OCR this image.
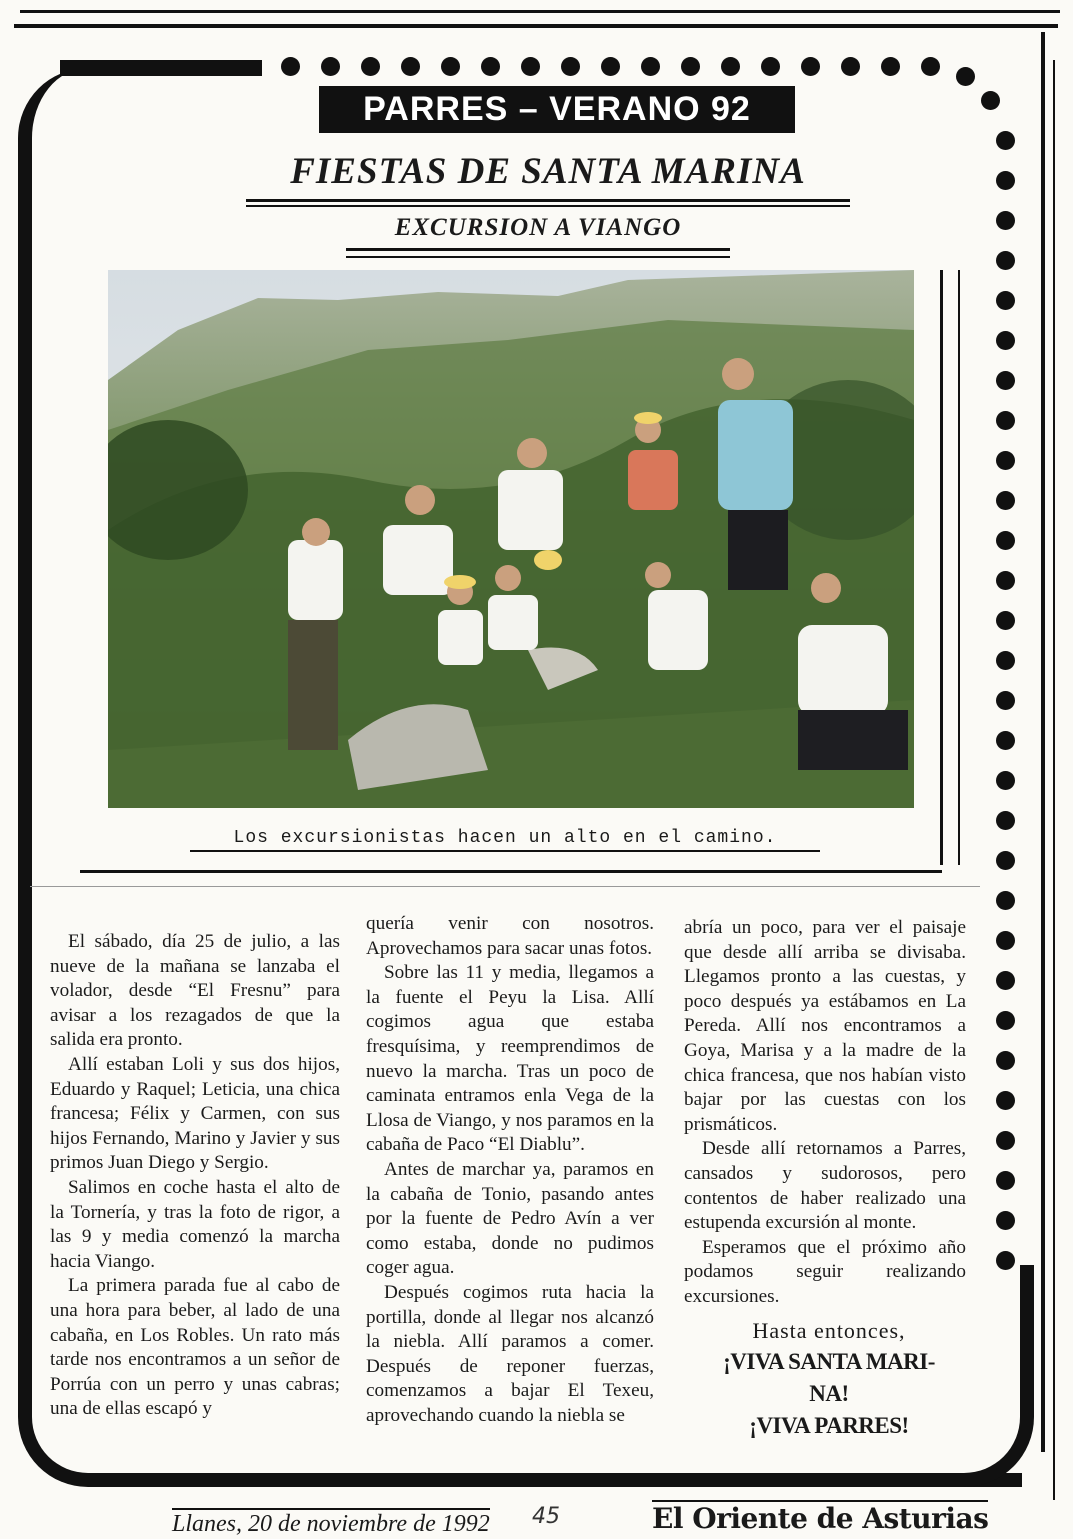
PARRES – VERANO 92
FIESTAS DE SANTA MARINA
EXCURSION A VIANGO
Los excursionistas hacen un alto en el camino.

El sábado, día 25 de julio, a las nueve de la mañana se lanzaba el volador, desde “El Fresnu” para avisar a los rezagados de que la salida era pronto.

Allí estaban Loli y sus dos hijos, Eduardo y Raquel; Leticia, una chica francesa; Félix y Carmen, con sus hijos Fernando, Marino y Javier y sus primos Juan Diego y Sergio.

Salimos en coche hasta el alto de la Tornería, y tras la foto de rigor, a las 9 y media comenzó la marcha hacia Viango.

La primera parada fue al cabo de una hora para beber, al lado de una cabaña, en Los Robles. Un rato más tarde nos encontramos a un señor de Porrúa con un perro y unas cabras; una de ellas escapó y

quería venir con nosotros. Aprovechamos para sacar unas fotos.

Sobre las 11 y media, llegamos a la fuente el Peyu la Lisa. Allí cogimos agua que estaba fresquísima, y reemprendimos de nuevo la marcha. Tras un poco de caminata entramos enla Vega de la Llosa de Viango, y nos paramos en la cabaña de Paco “El Diablu”.

Antes de marchar ya, paramos en la cabaña de Tonio, pasando antes por la fuente de Pedro Avín a ver como estaba, donde no pudimos coger agua.

Después cogimos ruta hacia la portilla, donde al llegar nos alcanzó la niebla. Allí paramos a comer. Después de reponer fuerzas, comenzamos a bajar El Texeu, aprovechando cuando la niebla se

abría un poco, para ver el paisaje que desde allí arriba se divisaba. Llegamos pronto a las cuestas, y poco después ya estábamos en La Pereda. Allí nos encontramos a Goya, Marisa y a la madre de la chica francesa, que nos habían visto bajar por las cuestas con los prismáticos.

Desde allí retornamos a Parres, cansados y sudorosos, pero contentos de haber realizado una estupenda excursión al monte.

Esperamos que el próximo año podamos seguir realizando excursiones.

Hasta entonces,
¡VIVA SANTA MARI-
NA!
¡VIVA PARRES!
Llanes, 20 de noviembre de 1992 45	El Oriente de Asturias
